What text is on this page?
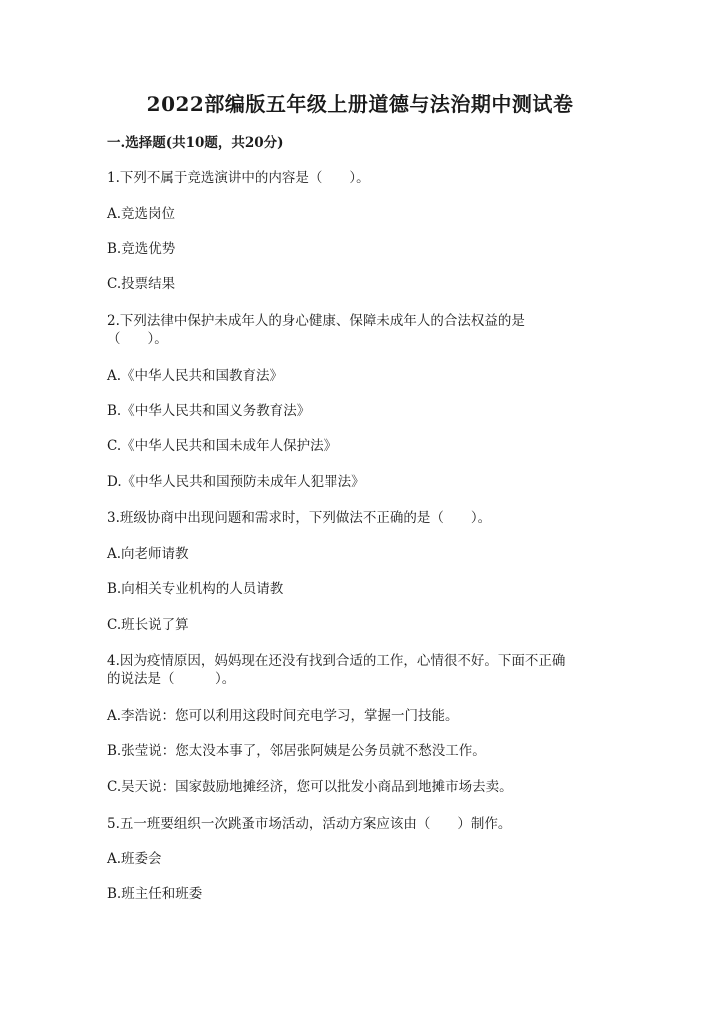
2022部编版五年级上册道德与法治期中测试卷
一.选择题(共10题，共20分)
1.下列不属于竞选演讲中的内容是（　　）。
A.竞选岗位
B.竞选优势
C.投票结果
2.下列法律中保护未成年人的身心健康、保障未成年人的合法权益的是
（　　）。
A.《中华人民共和国教育法》
B.《中华人民共和国义务教育法》
C.《中华人民共和国未成年人保护法》
D.《中华人民共和国预防未成年人犯罪法》
3.班级协商中出现问题和需求时，下列做法不正确的是（　　）。
A.向老师请教
B.向相关专业机构的人员请教
C.班长说了算
4.因为疫情原因，妈妈现在还没有找到合适的工作，心情很不好。下面不正确
的说法是（　　　）。
A.李浩说：您可以利用这段时间充电学习，掌握一门技能。
B.张莹说：您太没本事了，邻居张阿姨是公务员就不愁没工作。
C.吴天说：国家鼓励地摊经济，您可以批发小商品到地摊市场去卖。
5.五一班要组织一次跳蚤市场活动，活动方案应该由（　　）制作。
A.班委会
B.班主任和班委
